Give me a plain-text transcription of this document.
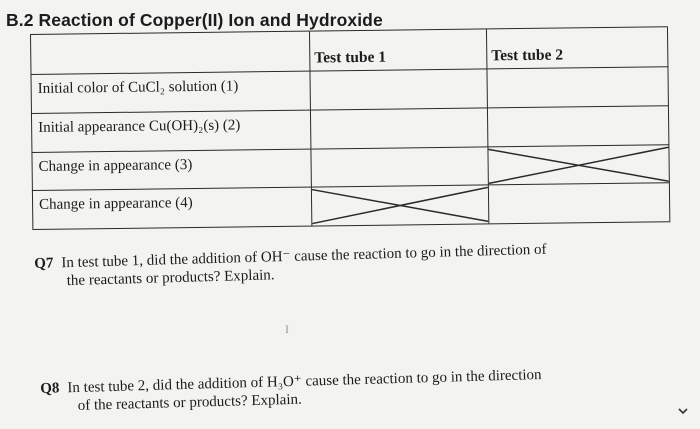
B.2 Reaction of Copper(II) Ion and Hydroxide
Test tube 1	Test tube 2
Initial color of CuCl₂ solution (1)
Initial appearance Cu(OH)₂(s) (2)
Change in appearance (3)
Change in appearance (4)
Q7 In test tube 1, did the addition of OH⁻ cause the reaction to go in the direction of
the reactants or products? Explain.
I
Q8 In test tube 2, did the addition of H₃O⁺ cause the reaction to go in the direction
of the reactants or products? Explain.
